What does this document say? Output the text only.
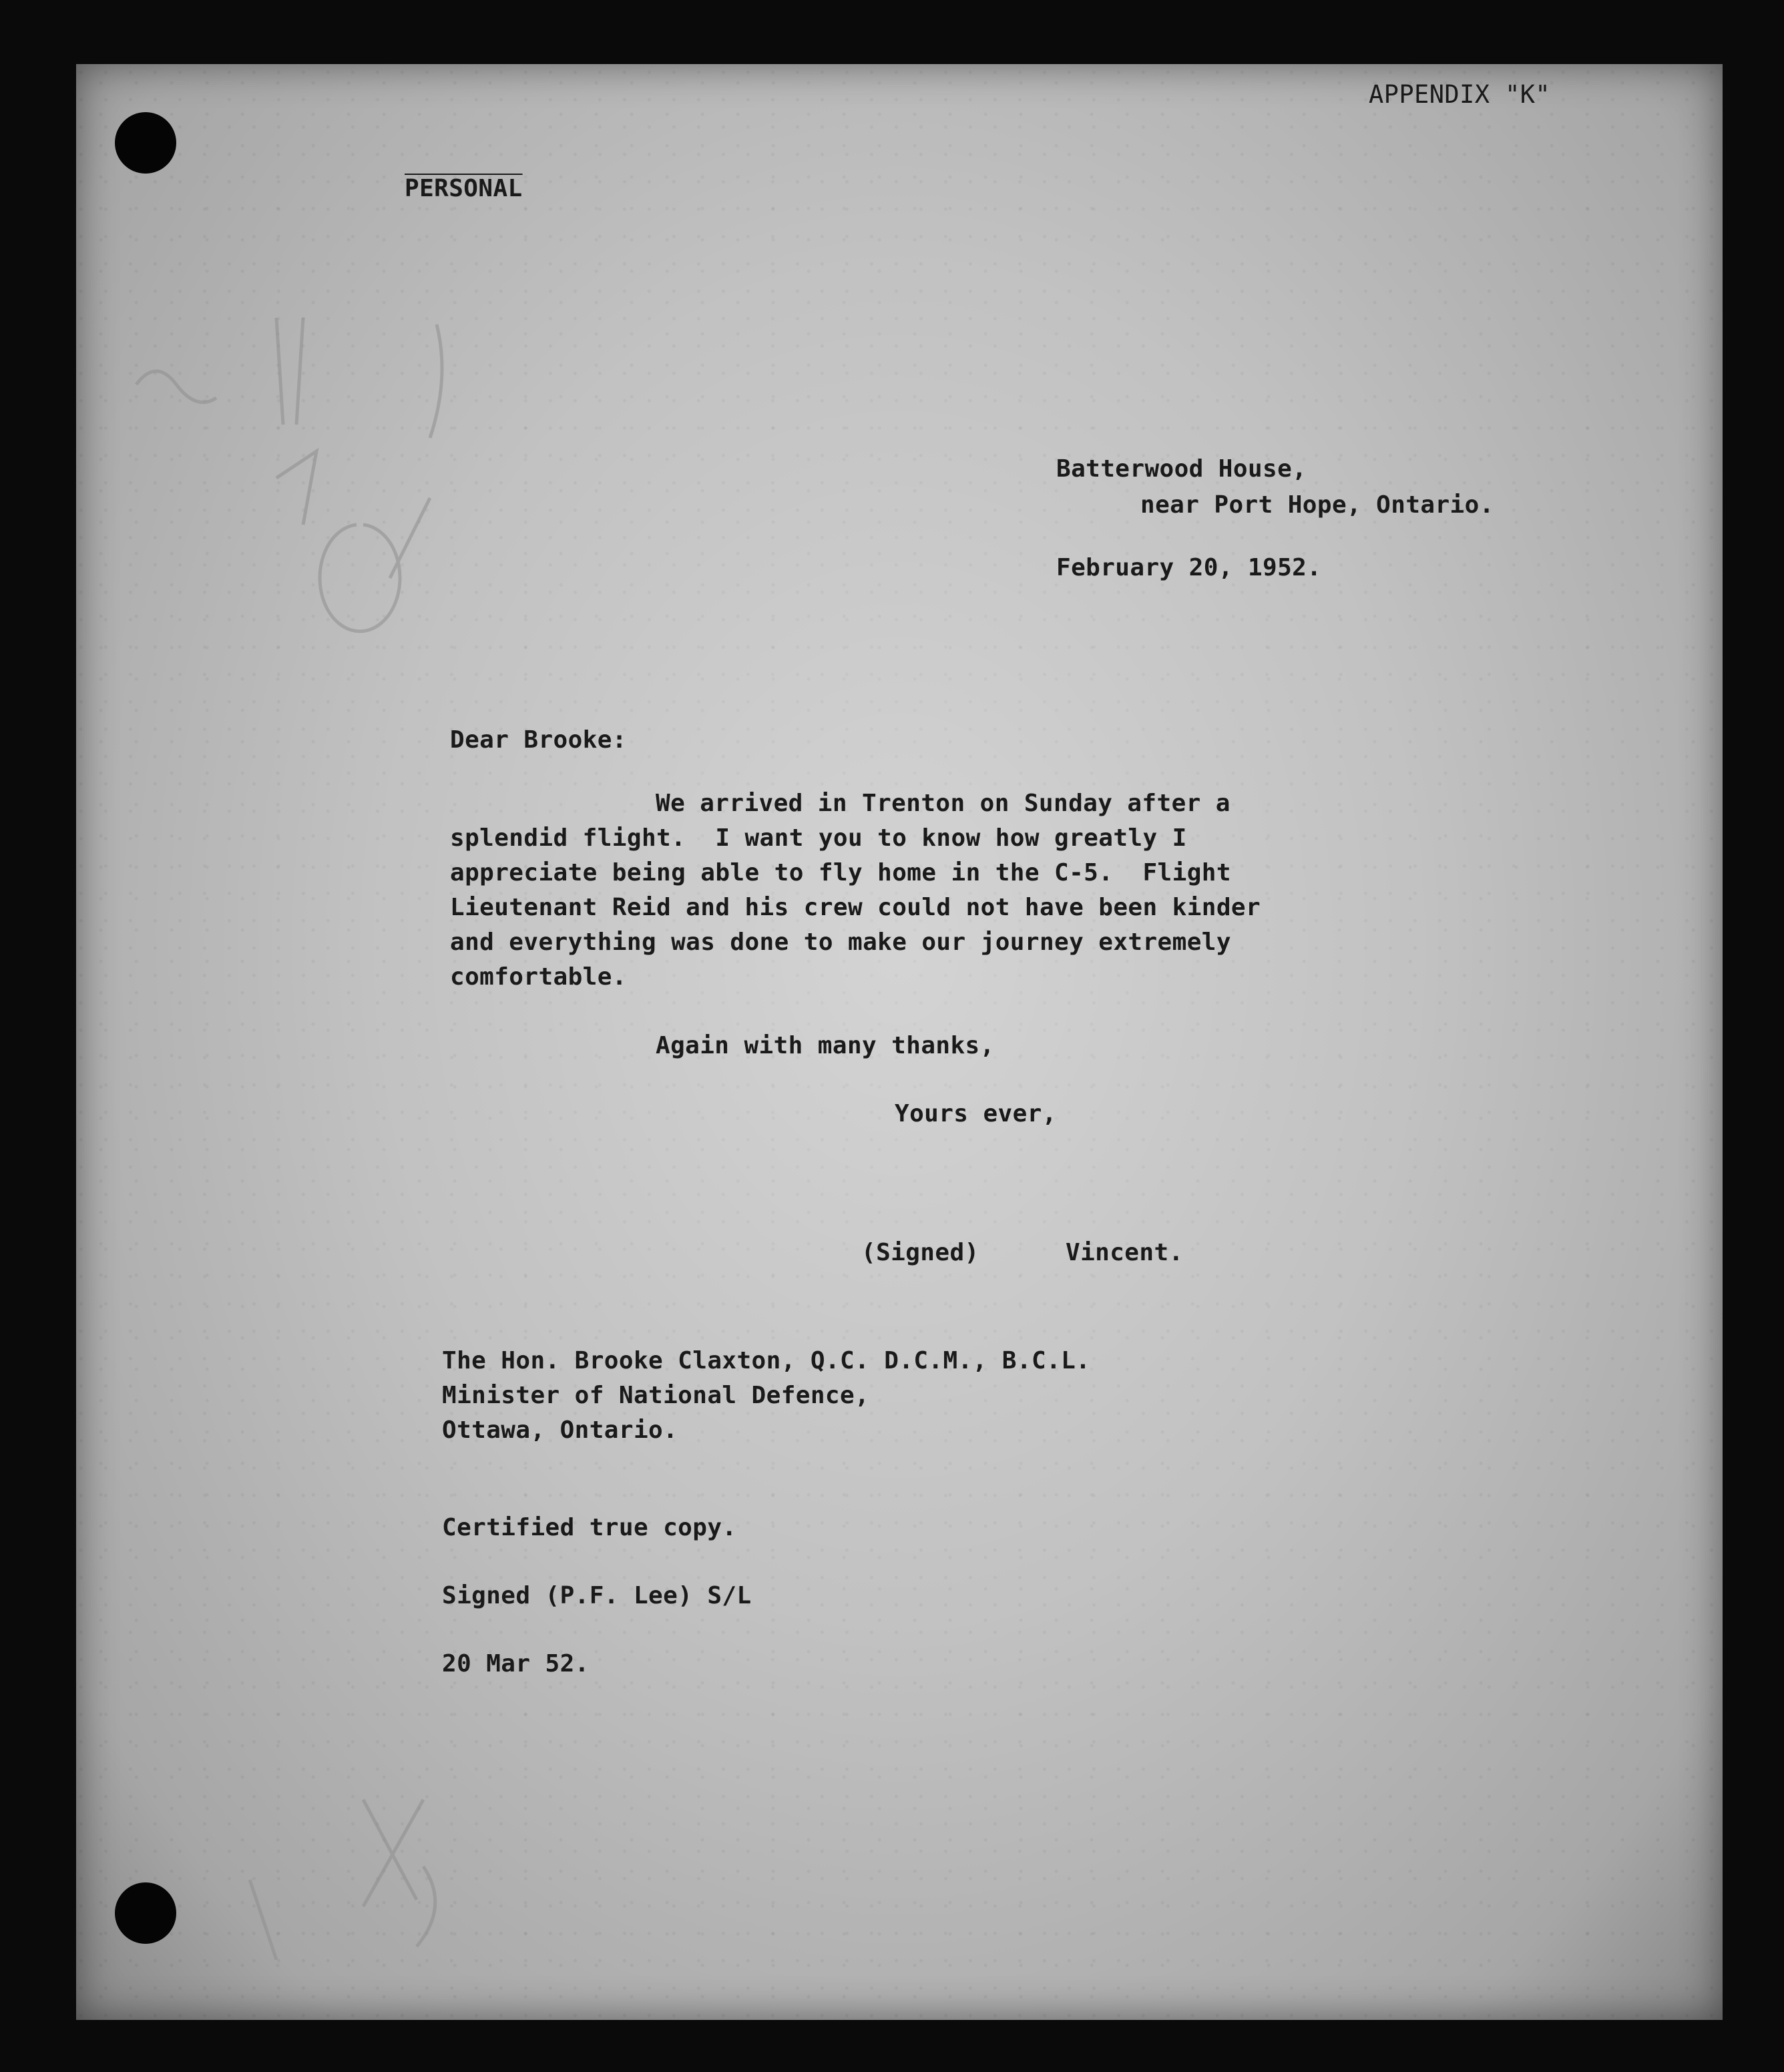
APPENDIX "K"

PERSONAL

Batterwood House,

near Port Hope, Ontario.

February 20, 1952.

Dear Brooke:

We arrived in Trenton on Sunday after a

splendid flight.  I want you to know how greatly I

appreciate being able to fly home in the C-5.  Flight

Lieutenant Reid and his crew could not have been kinder

and everything was done to make our journey extremely

comfortable.

Again with many thanks,

Yours ever,

(Signed)	Vincent.

The Hon. Brooke Claxton, Q.C. D.C.M., B.C.L.

Minister of National Defence,

Ottawa, Ontario.

Certified true copy.

Signed (P.F. Lee) S/L

20 Mar 52.
